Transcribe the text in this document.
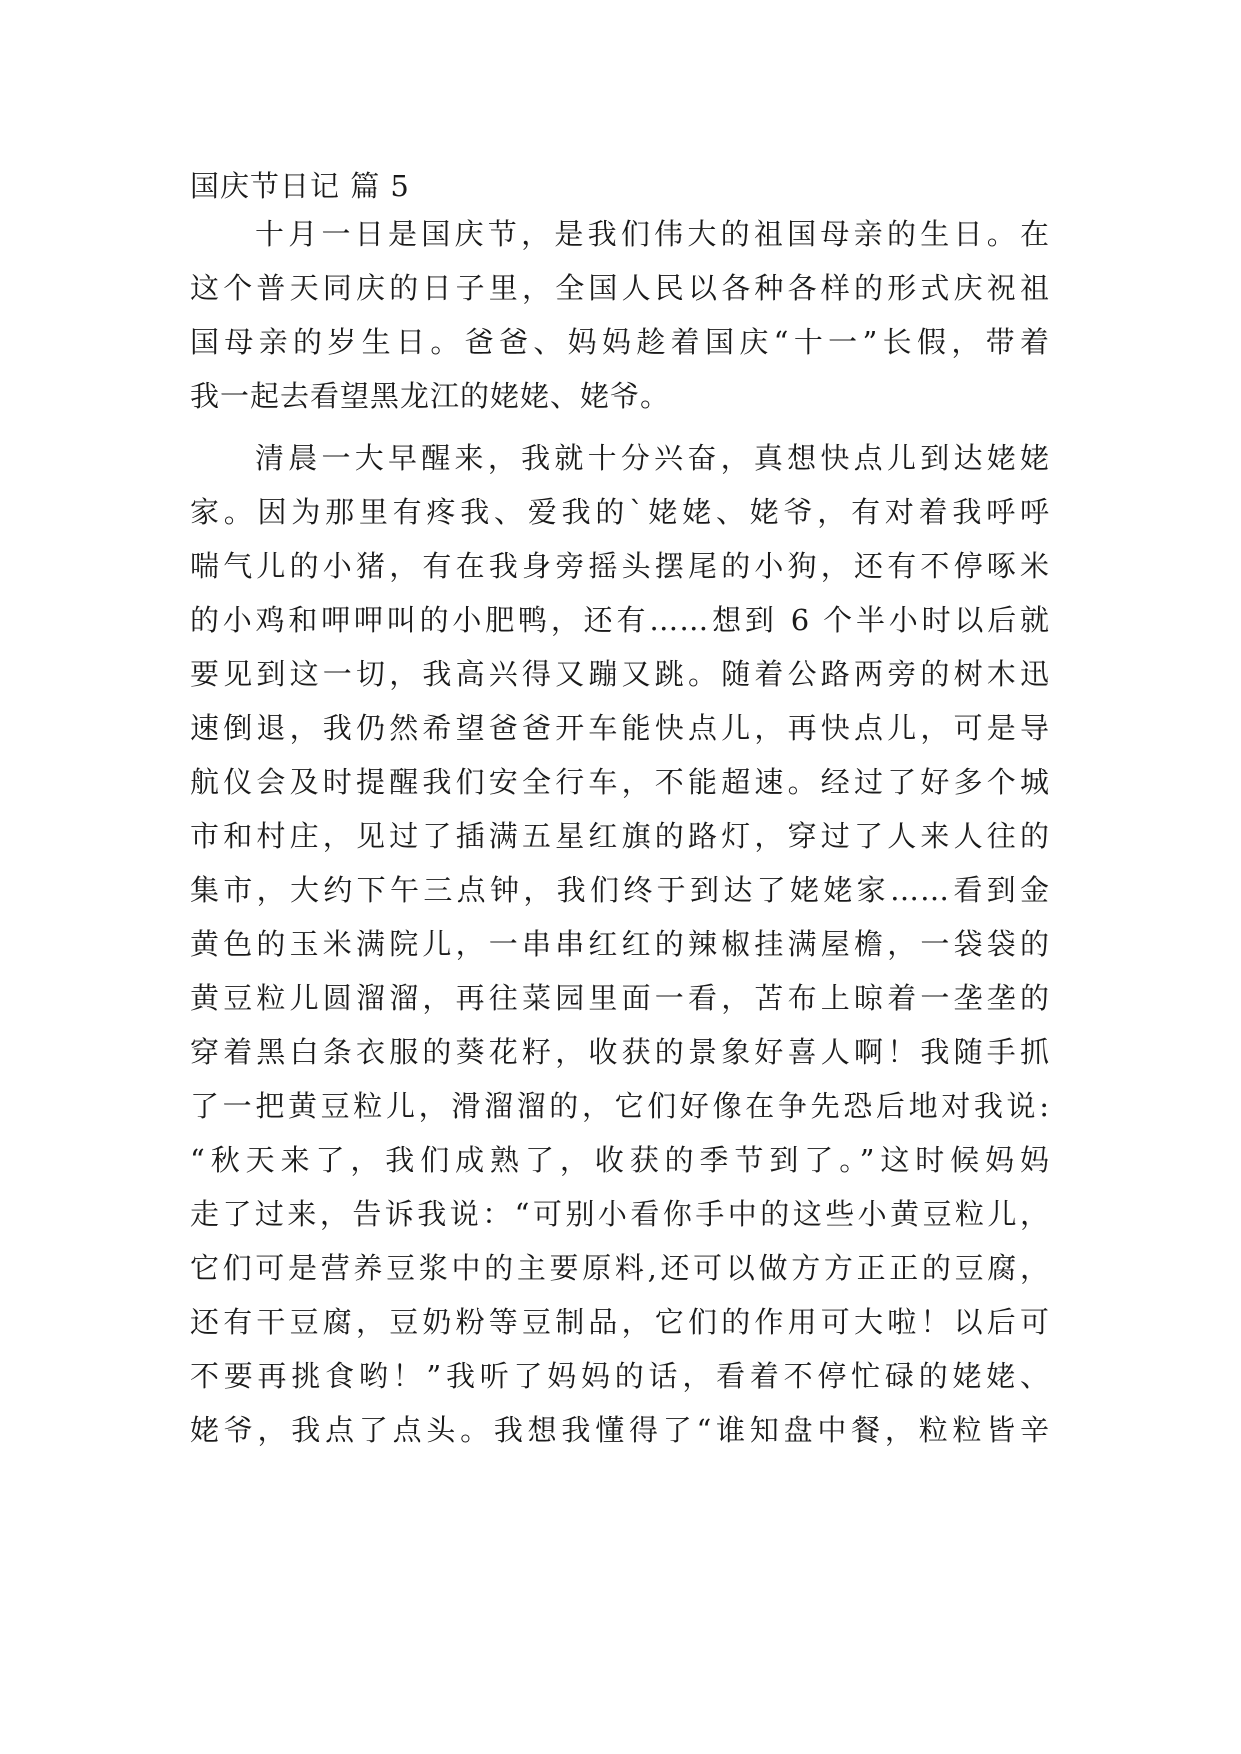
国庆节日记 篇 5
十月一日是国庆节，是我们伟大的祖国母亲的生日。在
这个普天同庆的日子里，全国人民以各种各样的形式庆祝祖
国母亲的岁生日。爸爸、妈妈趁着国庆“十一”长假，带着
我一起去看望黑龙江的姥姥、姥爷。
清晨一大早醒来，我就十分兴奋，真想快点儿到达姥姥
家。因为那里有疼我、爱我的`姥姥、姥爷，有对着我呼呼
喘气儿的小猪，有在我身旁摇头摆尾的小狗，还有不停啄米
的小鸡和呷呷叫的小肥鸭，还有……想到 6 个半小时以后就
要见到这一切，我高兴得又蹦又跳。随着公路两旁的树木迅
速倒退，我仍然希望爸爸开车能快点儿，再快点儿，可是导
航仪会及时提醒我们安全行车，不能超速。经过了好多个城
市和村庄，见过了插满五星红旗的路灯，穿过了人来人往的
集市，大约下午三点钟，我们终于到达了姥姥家……看到金
黄色的玉米满院儿，一串串红红的辣椒挂满屋檐，一袋袋的
黄豆粒儿圆溜溜，再往菜园里面一看，苫布上晾着一垄垄的
穿着黑白条衣服的葵花籽，收获的景象好喜人啊！我随手抓
了一把黄豆粒儿，滑溜溜的，它们好像在争先恐后地对我说:
“秋天来了，我们成熟了，收获的季节到了。”这时候妈妈
走了过来，告诉我说：“可别小看你手中的这些小黄豆粒儿，
它们可是营养豆浆中的主要原料,还可以做方方正正的豆腐，
还有干豆腐，豆奶粉等豆制品，它们的作用可大啦！以后可
不要再挑食哟！”我听了妈妈的话，看着不停忙碌的姥姥、
姥爷，我点了点头。我想我懂得了“谁知盘中餐，粒粒皆辛
